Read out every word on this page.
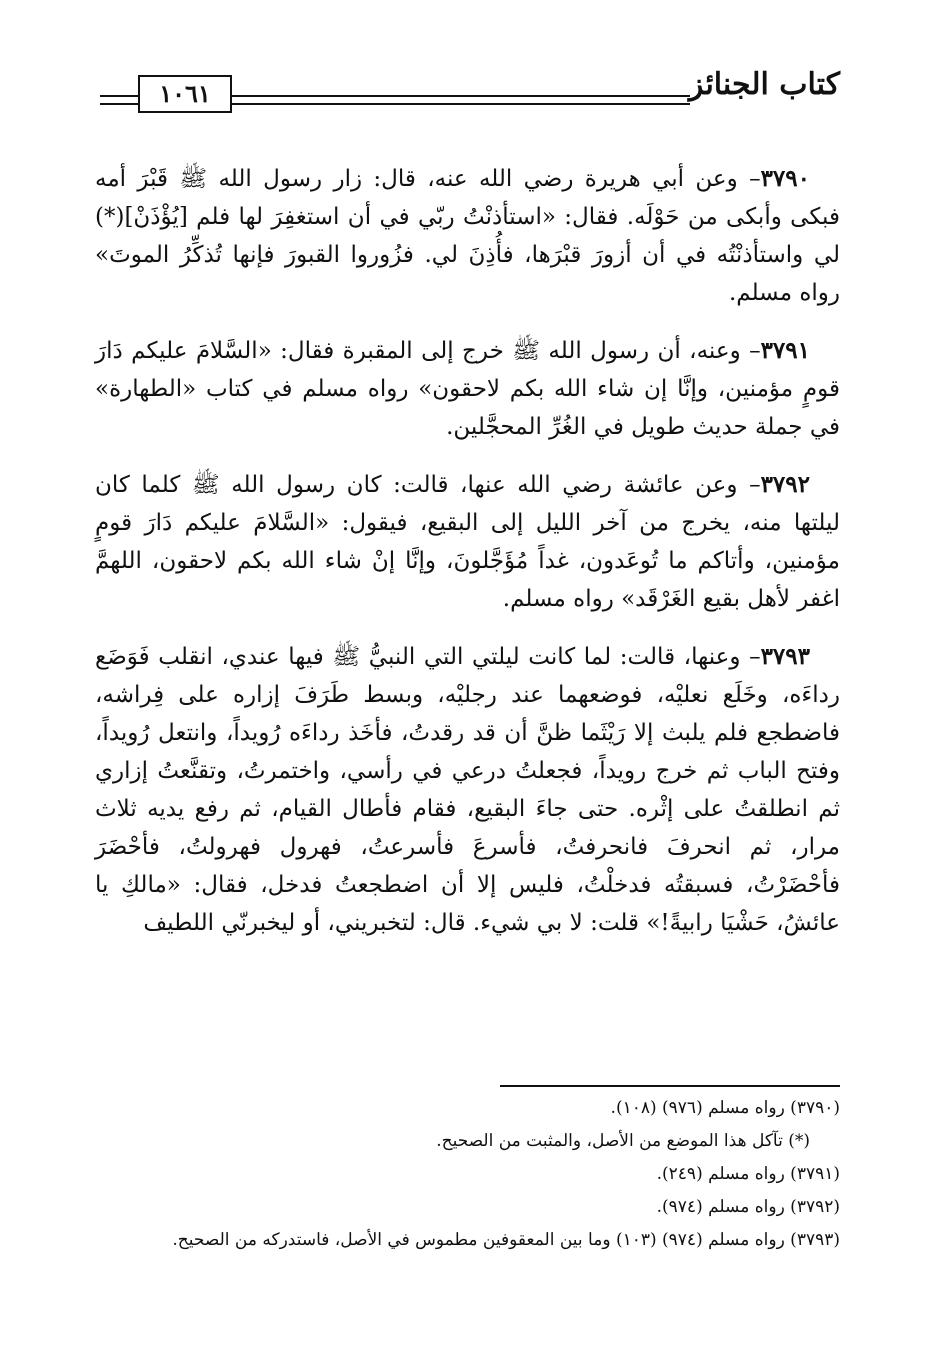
كتاب الجنائز
١٠٦١

٣٧٩٠– وعن أبي هريرة رضي الله عنه، قال: زار رسول الله ﷺ قَبْرَ أمه فبكى وأبكى من حَوْلَه. فقال: «استأذنْتُ ربّي في أن استغفِرَ لها فلم [يُؤْذَنْ](*) لي واستأذنْتُه في أن أزورَ قبْرَها، فأُذِنَ لي. فزُوروا القبورَ فإنها تُذكِّرُ الموتَ» رواه مسلم.

٣٧٩١– وعنه، أن رسول الله ﷺ خرج إلى المقبرة فقال: «السَّلامَ عليكم دَارَ قومٍ مؤمنين، وإنَّا إن شاء الله بكم لاحقون» رواه مسلم في كتاب «الطهارة» في جملة حديث طويل في الغُرِّ المحجَّلين.

٣٧٩٢– وعن عائشة رضي الله عنها، قالت: كان رسول الله ﷺ كلما كان ليلتها منه، يخرج من آخر الليل إلى البقيع، فيقول: «السَّلامَ عليكم دَارَ قومٍ مؤمنين، وأتاكم ما تُوعَدون، غداً مُؤَجَّلونَ، وإنَّا إنْ شاء الله بكم لاحقون، اللهمَّ اغفر لأهل بقيع الغَرْقَد» رواه مسلم.

٣٧٩٣– وعنها، قالت: لما كانت ليلتي التي النبيُّ ﷺ فيها عندي، انقلب فَوَضَع رداءَه، وخَلَع نعليْه، فوضعهما عند رجليْه، وبسط طَرَفَ إزاره على فِراشه، فاضطجع فلم يلبث إلا رَيْثَما ظنَّ أن قد رقدتُ، فأخَذ رداءَه رُويداً، وانتعل رُويداً، وفتح الباب ثم خرج رويداً، فجعلتُ درعي في رأسي، واختمرتُ، وتقنَّعتُ إزاري ثم انطلقتُ على إثْره. حتى جاءَ البقيع، فقام فأطال القيام، ثم رفع يديه ثلاث مرار، ثم انحرفَ فانحرفتُ، فأسرعَ فأسرعتُ، فهرول فهرولتُ، فأحْضَرَ فأحْضَرْتُ، فسبقتُه فدخلْتُ، فليس إلا أن اضطجعتُ فدخل، فقال: «مالكِ يا عائشُ، حَشْيَا رابيةً!» قلت: لا بي شيء. قال: لتخبريني، أو ليخبرنّي اللطيف

(٣٧٩٠) رواه مسلم (٩٧٦) (١٠٨).

(*) تآكل هذا الموضع من الأصل، والمثبت من الصحيح.

(٣٧٩١) رواه مسلم (٢٤٩).

(٣٧٩٢) رواه مسلم (٩٧٤).

(٣٧٩٣) رواه مسلم (٩٧٤) (١٠٣) وما بين المعقوفين مطموس في الأصل، فاستدركه من الصحيح.
